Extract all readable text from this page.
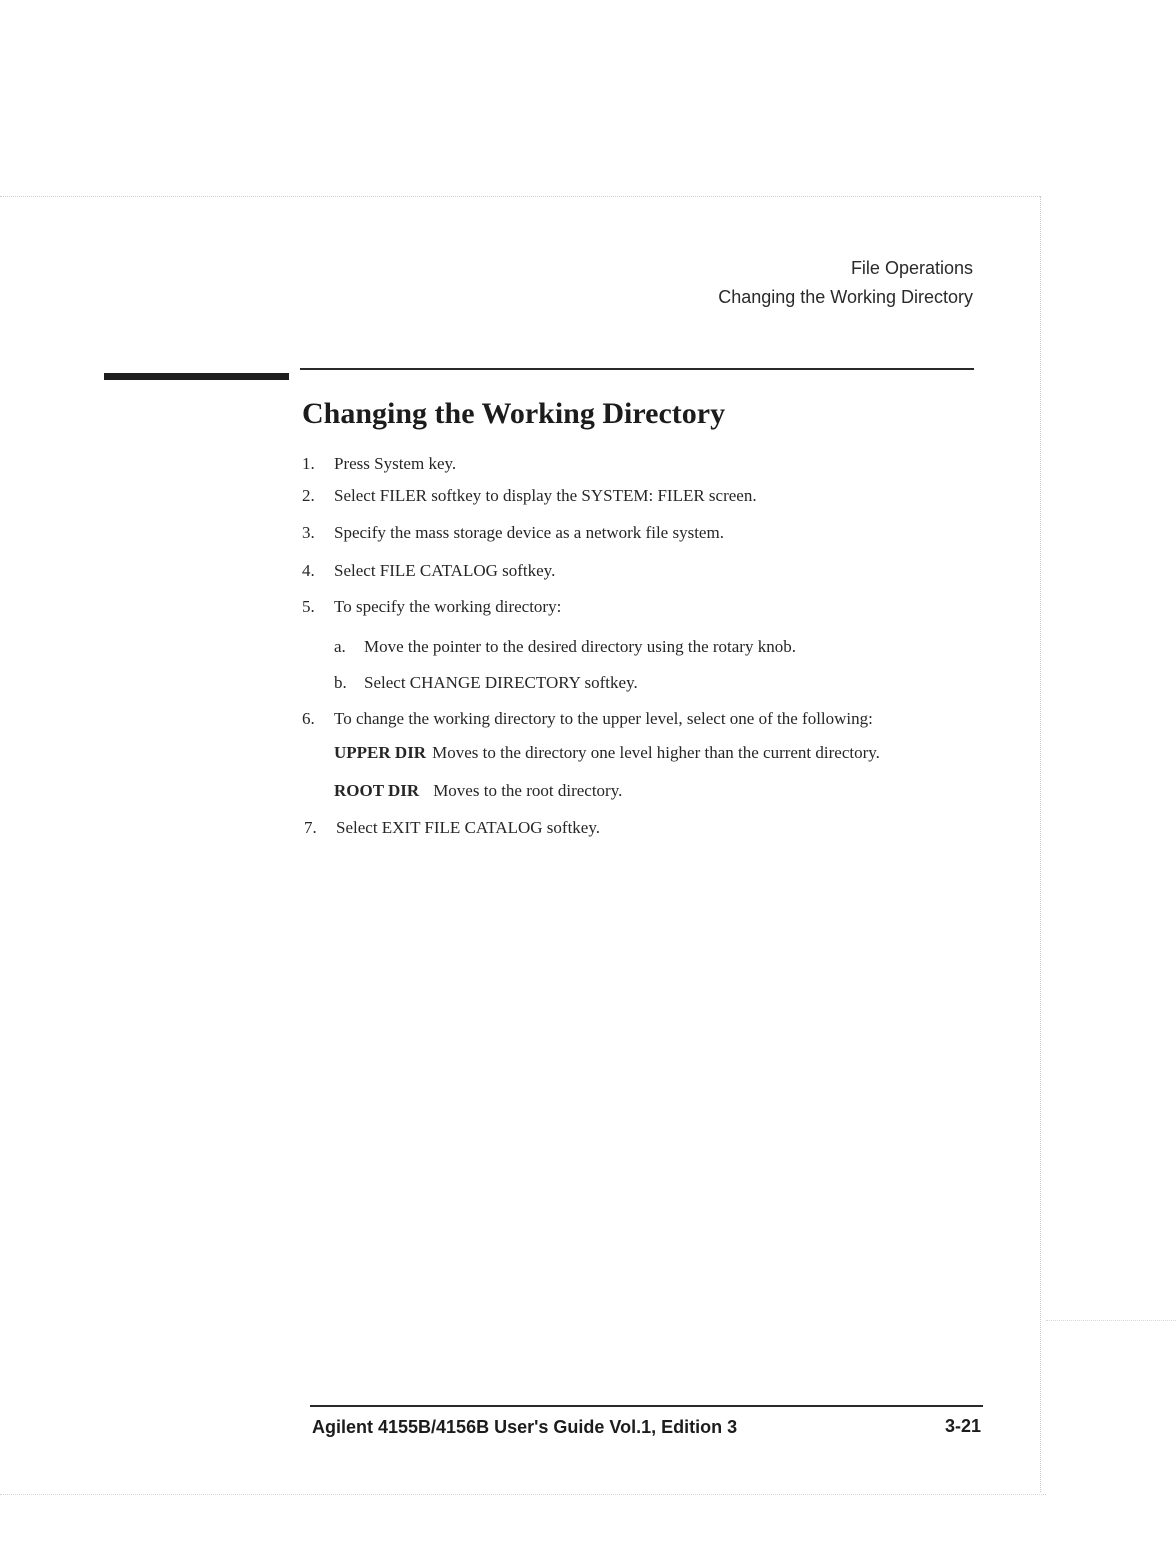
File Operations
Changing the Working Directory
Changing the Working Directory
1. Press System key.
2. Select FILER softkey to display the SYSTEM: FILER screen.
3. Specify the mass storage device as a network file system.
4. Select FILE CATALOG softkey.
5. To specify the working directory:
a. Move the pointer to the desired directory using the rotary knob.
b. Select CHANGE DIRECTORY softkey.
6. To change the working directory to the upper level, select one of the following:
UPPER DIR Moves to the directory one level higher than the current directory.
ROOT DIR Moves to the root directory.
7. Select EXIT FILE CATALOG softkey.
Agilent 4155B/4156B User's Guide Vol.1, Edition 3	3-21
